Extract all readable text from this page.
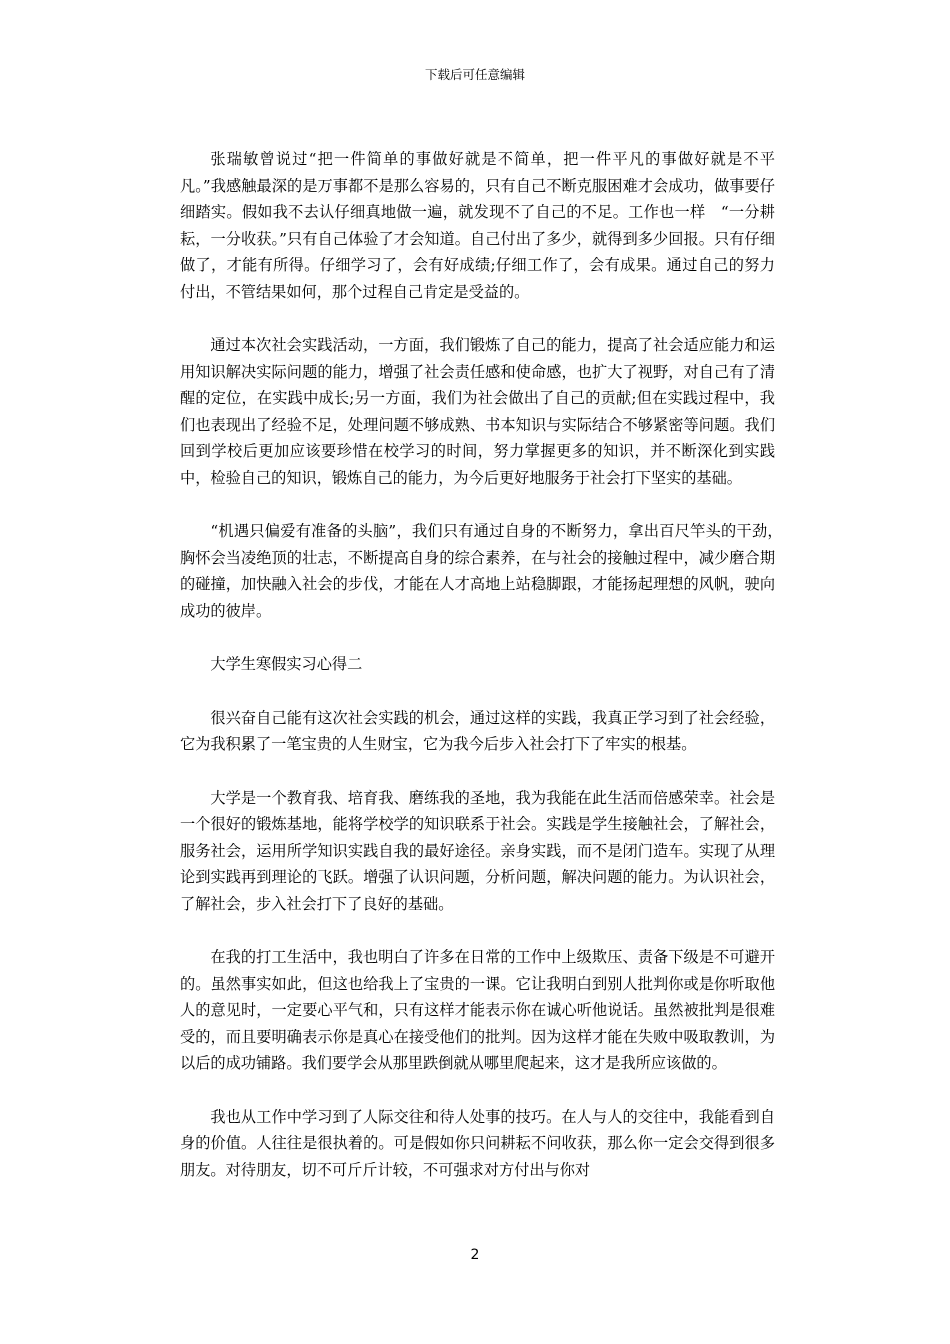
下载后可任意编辑

张瑞敏曾说过“把一件简单的事做好就是不简单，把一件平凡的事做好就是不平凡。”我感触最深的是万事都不是那么容易的，只有自己不断克服困难才会成功，做事要仔细踏实。假如我不去认仔细真地做一遍，就发现不了自己的不足。工作也一样　“一分耕耘，一分收获。”只有自己体验了才会知道。自己付出了多少，就得到多少回报。只有仔细做了，才能有所得。仔细学习了，会有好成绩;仔细工作了，会有成果。通过自己的努力付出，不管结果如何，那个过程自己肯定是受益的。

通过本次社会实践活动，一方面，我们锻炼了自己的能力，提高了社会适应能力和运用知识解决实际问题的能力，增强了社会责任感和使命感，也扩大了视野，对自己有了清醒的定位，在实践中成长;另一方面，我们为社会做出了自己的贡献;但在实践过程中，我们也表现出了经验不足，处理问题不够成熟、书本知识与实际结合不够紧密等问题。我们回到学校后更加应该要珍惜在校学习的时间，努力掌握更多的知识，并不断深化到实践中，检验自己的知识，锻炼自己的能力，为今后更好地服务于社会打下坚实的基础。

“机遇只偏爱有准备的头脑”，我们只有通过自身的不断努力，拿出百尺竿头的干劲，　胸怀会当凌绝顶的壮志，不断提高自身的综合素养，在与社会的接触过程中，减少磨合期的碰撞，加快融入社会的步伐，才能在人才高地上站稳脚跟，才能扬起理想的风帆，驶向成功的彼岸。

大学生寒假实习心得二

很兴奋自己能有这次社会实践的机会，通过这样的实践，我真正学习到了社会经验，它为我积累了一笔宝贵的人生财宝，它为我今后步入社会打下了牢实的根基。

大学是一个教育我、培育我、磨练我的圣地，我为我能在此生活而倍感荣幸。社会是一个很好的锻炼基地，能将学校学的知识联系于社会。实践是学生接触社会，了解社会，服务社会，运用所学知识实践自我的最好途径。亲身实践，而不是闭门造车。实现了从理论到实践再到理论的飞跃。增强了认识问题，分析问题，解决问题的能力。为认识社会，了解社会，步入社会打下了良好的基础。

在我的打工生活中，我也明白了许多在日常的工作中上级欺压、责备下级是不可避开的。虽然事实如此，但这也给我上了宝贵的一课。它让我明白到别人批判你或是你听取他人的意见时，一定要心平气和，只有这样才能表示你在诚心听他说话。虽然被批判是很难受的，而且要明确表示你是真心在接受他们的批判。因为这样才能在失败中吸取教训，为以后的成功铺路。我们要学会从那里跌倒就从哪里爬起来，这才是我所应该做的。

我也从工作中学习到了人际交往和待人处事的技巧。在人与人的交往中，我能看到自身的价值。人往往是很执着的。可是假如你只问耕耘不问收获，那么你一定会交得到很多朋友。对待朋友，切不可斤斤计较，不可强求对方付出与你对

2
